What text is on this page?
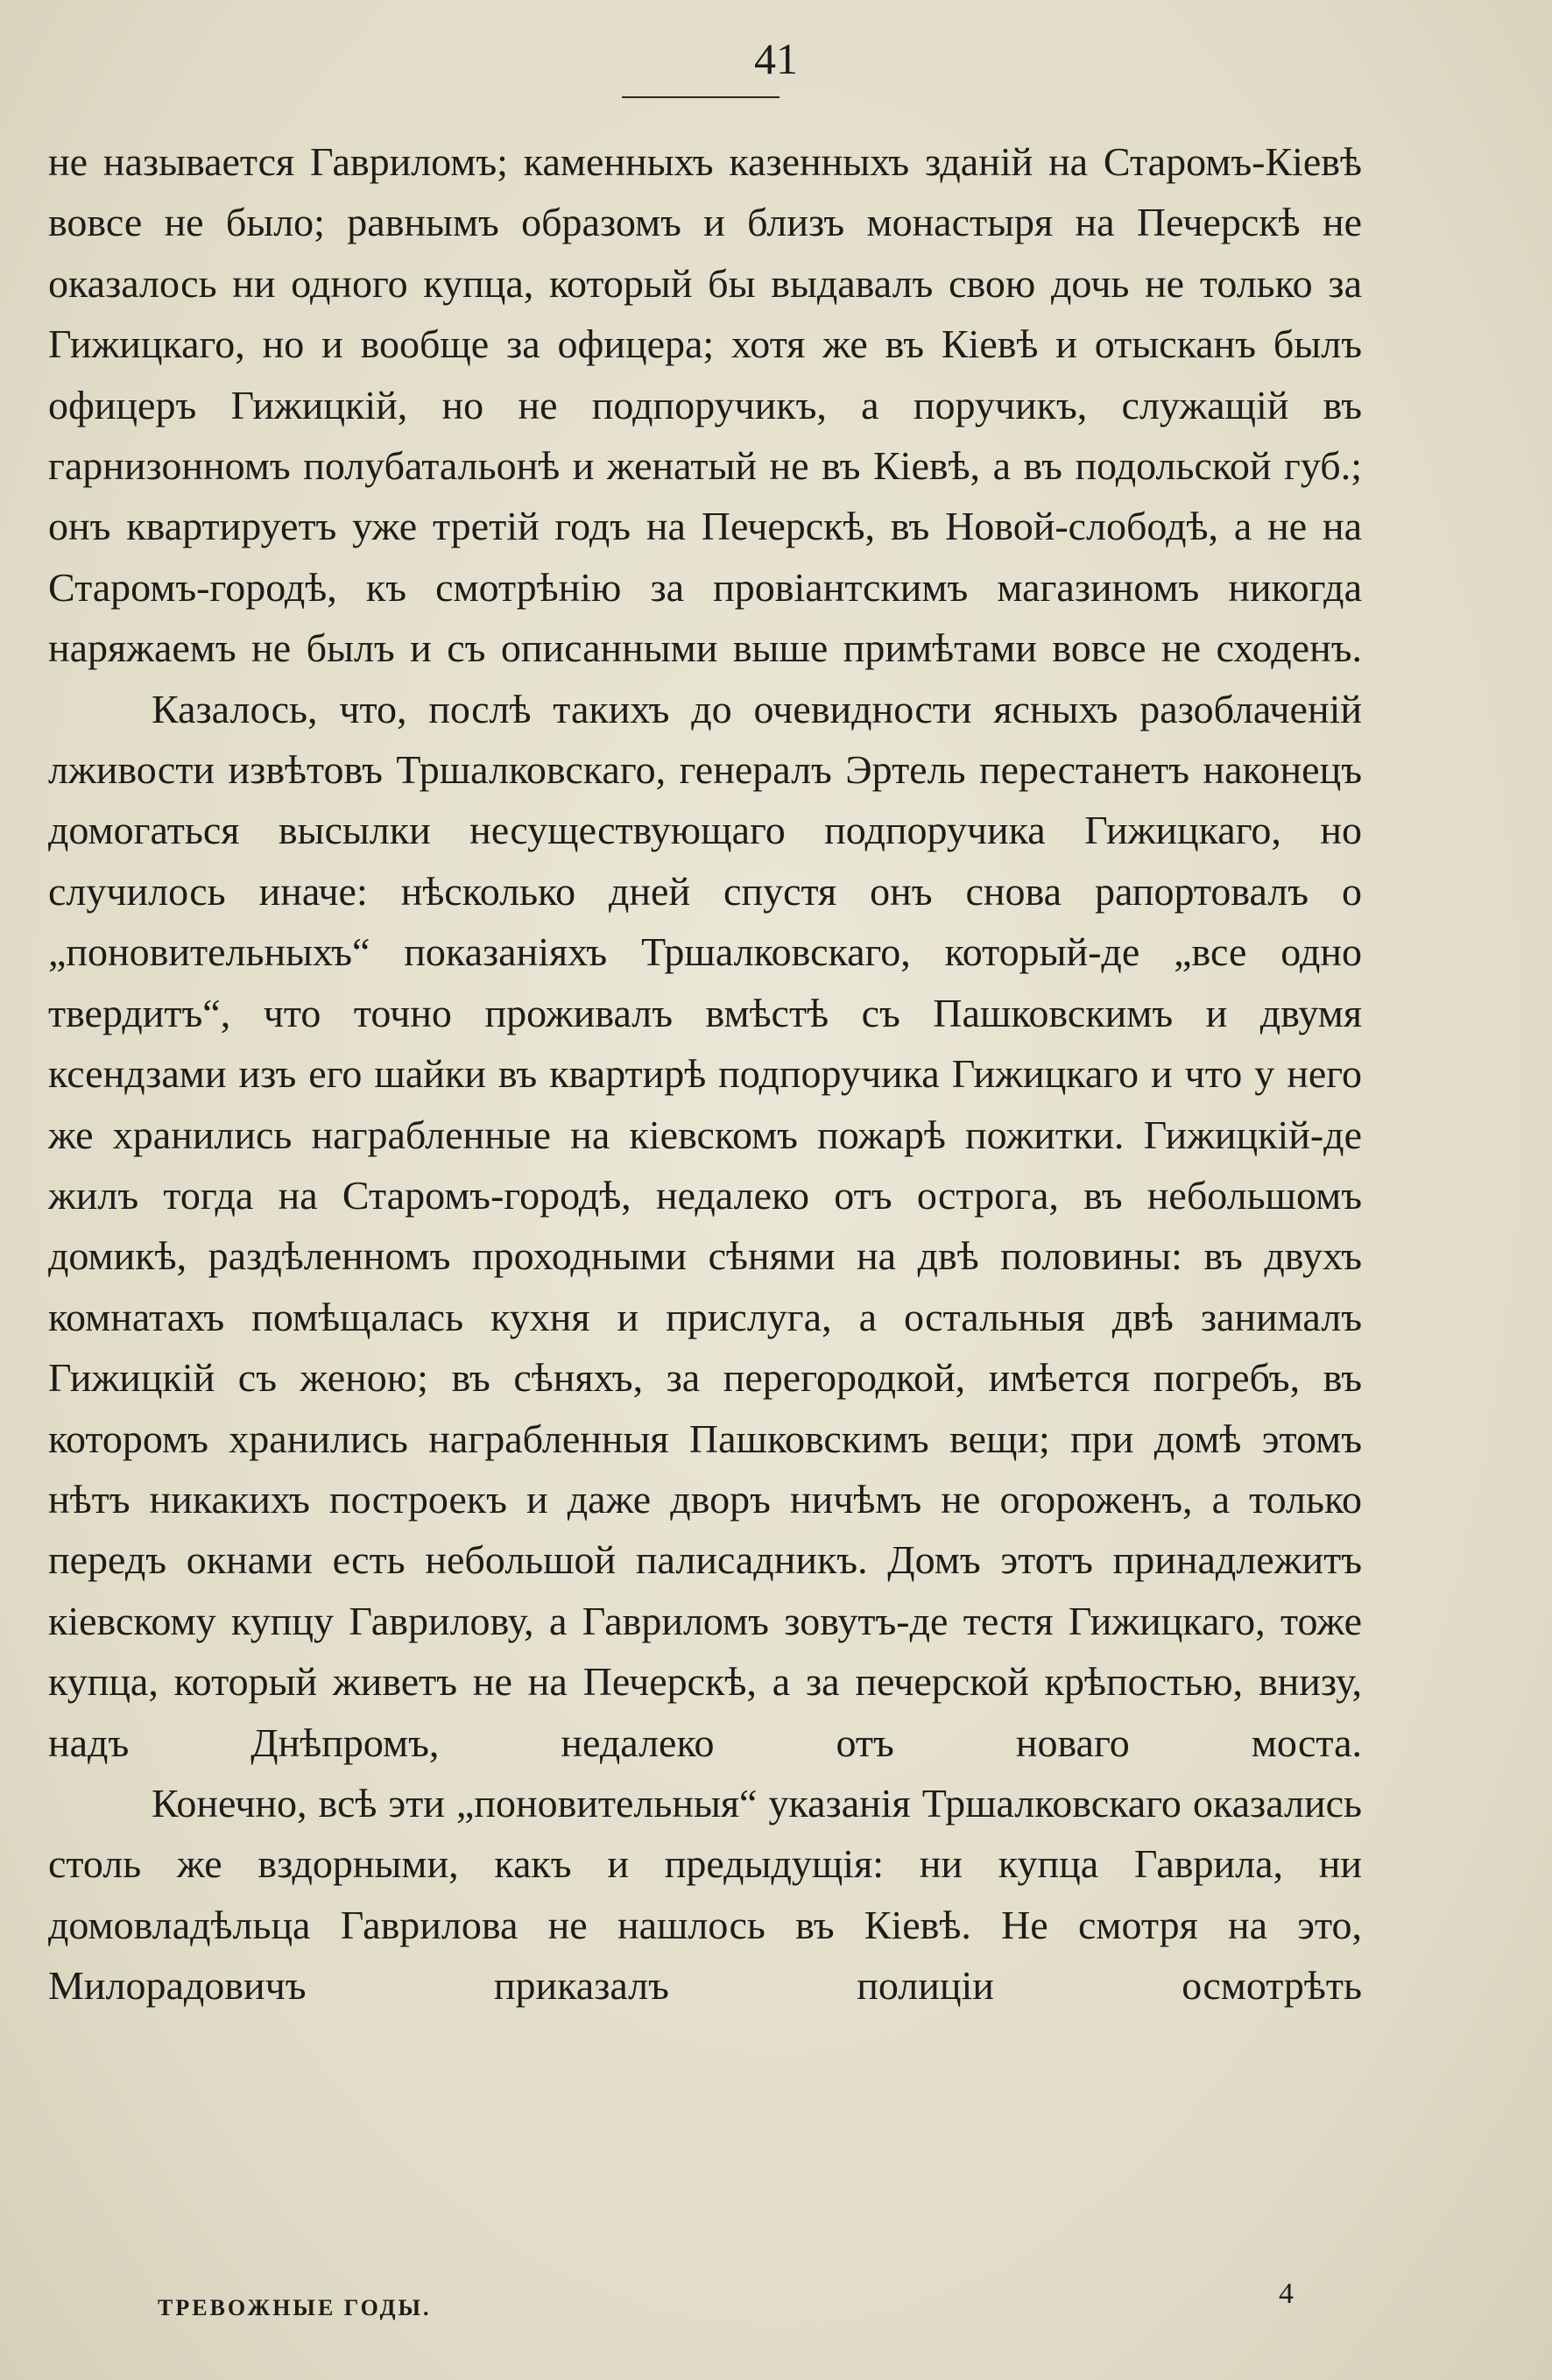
41

не называется Гавриломъ; каменныхъ казенныхъ зданій на Старомъ-Кіевѣ вовсе не было; равнымъ образомъ и близъ монастыря на Печерскѣ не оказалось ни одного купца, который бы выдавалъ свою дочь не только за Гижицкаго, но и вообще за офицера; хотя же въ Кіевѣ и отысканъ былъ офицеръ Гижицкій, но не подпоручикъ, а поручикъ, служащій въ гарнизонномъ полубатальонѣ и женатый не въ Кіевѣ, а въ подольской губ.; онъ квартируетъ уже третій годъ на Печерскѣ, въ Новой-слободѣ, а не на Старомъ-городѣ, къ смотрѣнію за провіантскимъ магазиномъ никогда наряжаемъ не былъ и съ описанными выше примѣтами вовсе не сходенъ.

Казалось, что, послѣ такихъ до очевидности ясныхъ разоблаченій лживости извѣтовъ Тршалковскаго, генералъ Эртель перестанетъ наконецъ домогаться высылки несуществующаго подпоручика Гижицкаго, но случилось иначе: нѣсколько дней спустя онъ снова рапортовалъ о „поновительныхъ“ показаніяхъ Тршалковскаго, который-де „все одно твердитъ“, что точно проживалъ вмѣстѣ съ Пашковскимъ и двумя ксендзами изъ его шайки въ квартирѣ подпоручика Гижицкаго и что у него же хранились награбленные на кіевскомъ пожарѣ пожитки. Гижицкій-де жилъ тогда на Старомъ-городѣ, недалеко отъ острога, въ небольшомъ домикѣ, раздѣленномъ проходными сѣнями на двѣ половины: въ двухъ комнатахъ помѣщалась кухня и прислуга, а остальныя двѣ занималъ Гижицкій съ женою; въ сѣняхъ, за перегородкой, имѣется погребъ, въ которомъ хранились награбленныя Пашковскимъ вещи; при домѣ этомъ нѣтъ никакихъ построекъ и даже дворъ ничѣмъ не огороженъ, а только передъ окнами есть небольшой палисадникъ. Домъ этотъ принадлежитъ кіевскому купцу Гаврилову, а Гавриломъ зовутъ-де тестя Гижицкаго, тоже купца, который живетъ не на Печерскѣ, а за печерской крѣпостью, внизу, надъ Днѣпромъ, недалеко отъ новаго моста.

Конечно, всѣ эти „поновительныя“ указанія Тршалковскаго оказались столь же вздорными, какъ и предыдущія: ни купца Гаврила, ни домовладѣльца Гаврилова не нашлось въ Кіевѣ. Не смотря на это, Милорадовичъ приказалъ полиціи осмотрѣть

ТРЕВОЖНЫЕ ГОДЫ.	4
